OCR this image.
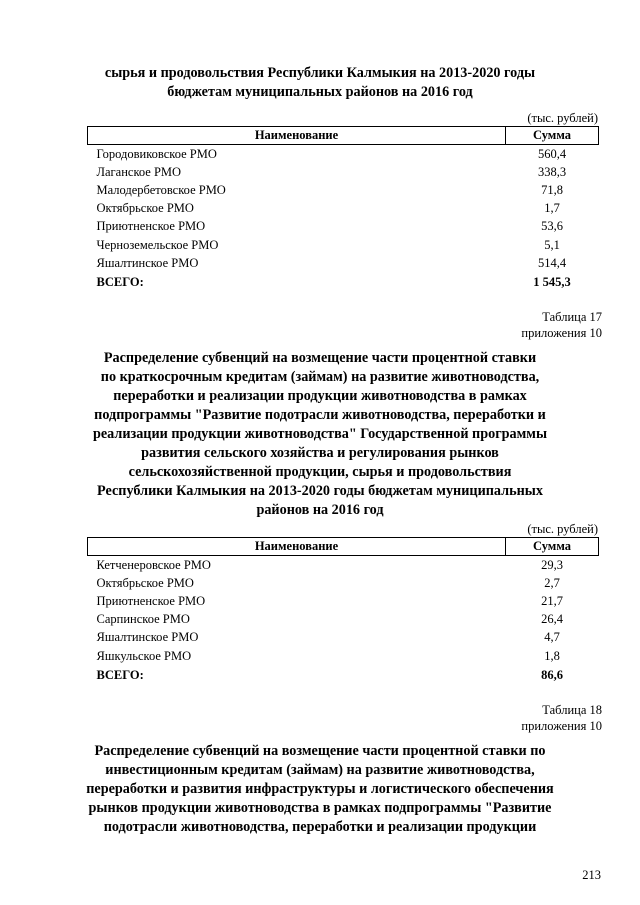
сырья и продовольствия Республики Калмыкия на 2013-2020 годы
бюджетам муниципальных районов на 2016 год
(тыс. рублей)
Наименование	Сумма
Городовиковское РМО	560,4
Лаганское РМО	338,3
Малодербетовское РМО	71,8
Октябрьское РМО	1,7
Приютненское РМО	53,6
Черноземельское РМО	5,1
Яшалтинское РМО	514,4
ВСЕГО:	1 545,3
Таблица 17
приложения 10
Распределение субвенций на возмещение части процентной ставки
по краткосрочным кредитам (займам) на развитие животноводства,
переработки и реализации продукции животноводства в рамках
подпрограммы "Развитие подотрасли животноводства, переработки и
реализации продукции животноводства" Государственной программы
развития сельского хозяйства и регулирования рынков
сельскохозяйственной продукции, сырья и продовольствия
Республики Калмыкия на 2013-2020 годы бюджетам муниципальных
районов на 2016 год
(тыс. рублей)
Наименование	Сумма
Кетченеровское РМО	29,3
Октябрьское РМО	2,7
Приютненское РМО	21,7
Сарпинское РМО	26,4
Яшалтинское РМО	4,7
Яшкульское РМО	1,8
ВСЕГО:	86,6
Таблица 18
приложения 10
Распределение субвенций на возмещение части процентной ставки по
инвестиционным кредитам (займам) на развитие животноводства,
переработки и развития инфраструктуры и логистического обеспечения
рынков продукции животноводства в рамках подпрограммы "Развитие
подотрасли животноводства, переработки и реализации продукции
213
